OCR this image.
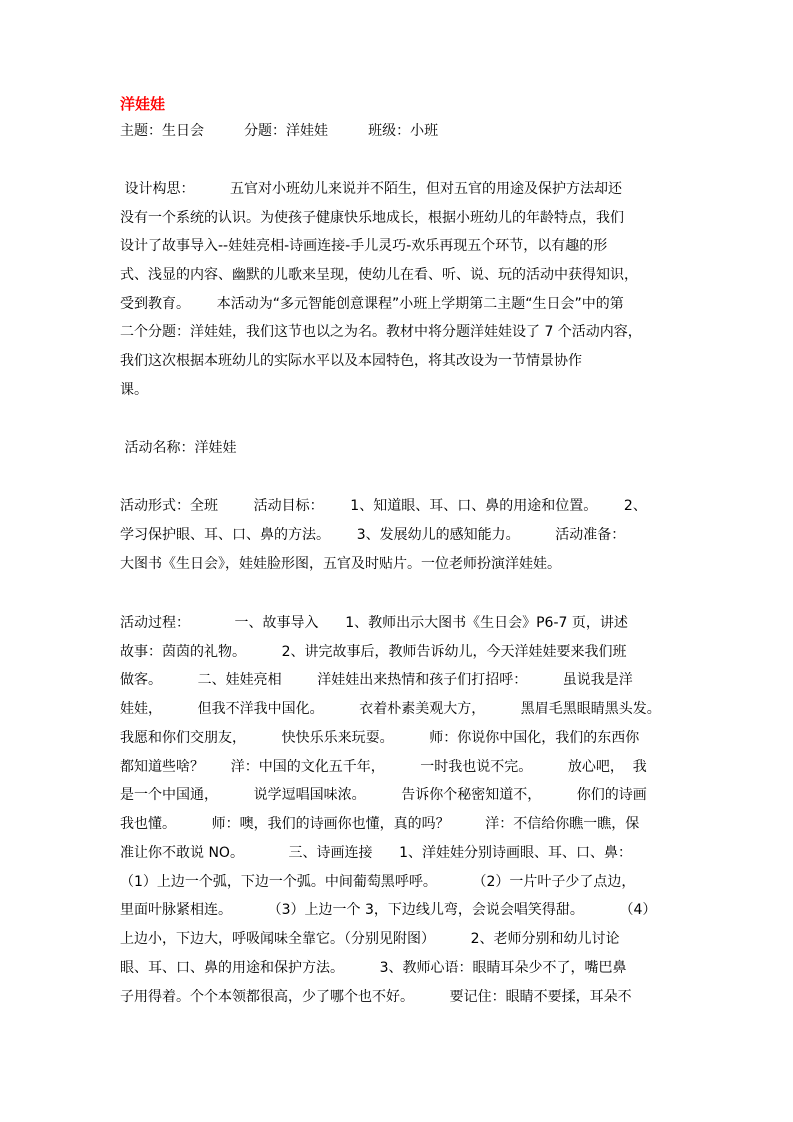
洋娃娃
主题：生日会	分题：洋娃娃	班级：小班
设计构思：        五官对小班幼儿来说并不陌生，但对五官的用途及保护方法却还
没有一个系统的认识。为使孩子健康快乐地成长，根据小班幼儿的年龄特点，我们
设计了故事导入--娃娃亮相-诗画连接-手儿灵巧-欢乐再现五个环节，以有趣的形
式、浅显的内容、幽默的儿歌来呈现，使幼儿在看、听、说、玩的活动中获得知识，
受到教育。      本活动为“多元智能创意课程”小班上学期第二主题“生日会”中的第
二个分题：洋娃娃，我们这节也以之为名。教材中将分题洋娃娃设了 7 个活动内容，
我们这次根据本班幼儿的实际水平以及本园特色，将其改设为一节情景协作
课。
活动名称：洋娃娃
活动形式：全班        活动目标：      1、知道眼、耳、口、鼻的用途和位置。      2、
学习保护眼、耳、口、鼻的方法。      3、发展幼儿的感知能力。        活动准备：
大图书《生日会》，娃娃脸形图，五官及时贴片。一位老师扮演洋娃娃。
活动过程：          一、故事导入      1、教师出示大图书《生日会》P6-7 页，讲述
故事：茵茵的礼物。        2、讲完故事后，教师告诉幼儿，今天洋娃娃要来我们班
做客。        二、娃娃亮相        洋娃娃出来热情和孩子们打招呼：        虽说我是洋
娃娃，        但我不洋我中国化。        衣着朴素美观大方，        黑眉毛黑眼睛黑头发。
我愿和你们交朋友，        快快乐乐来玩耍。        师：你说你中国化，我们的东西你
都知道些啥？      洋：中国的文化五千年，        一时我也说不完。        放心吧，  我
是一个中国通，        说学逗唱国味浓。        告诉你个秘密知道不，        你们的诗画
我也懂。        师：噢，我们的诗画你也懂，真的吗？        洋：不信给你瞧一瞧，保
准让你不敢说 NO。          三、诗画连接      1、洋娃娃分别诗画眼、耳、口、鼻：
（1）上边一个弧，下边一个弧。中间葡萄黑呼呼。        （2）一片叶子少了点边，
里面叶脉紧相连。        （3）上边一个 3，下边线儿弯，会说会唱笑得甜。        （4）
上边小，下边大，呼吸闻味全靠它。（分别见附图）        2、老师分别和幼儿讨论
眼、耳、口、鼻的用途和保护方法。        3、教师心语：眼睛耳朵少不了，嘴巴鼻
子用得着。个个本领都很高，少了哪个也不好。        要记住：眼睛不要揉，耳朵不
